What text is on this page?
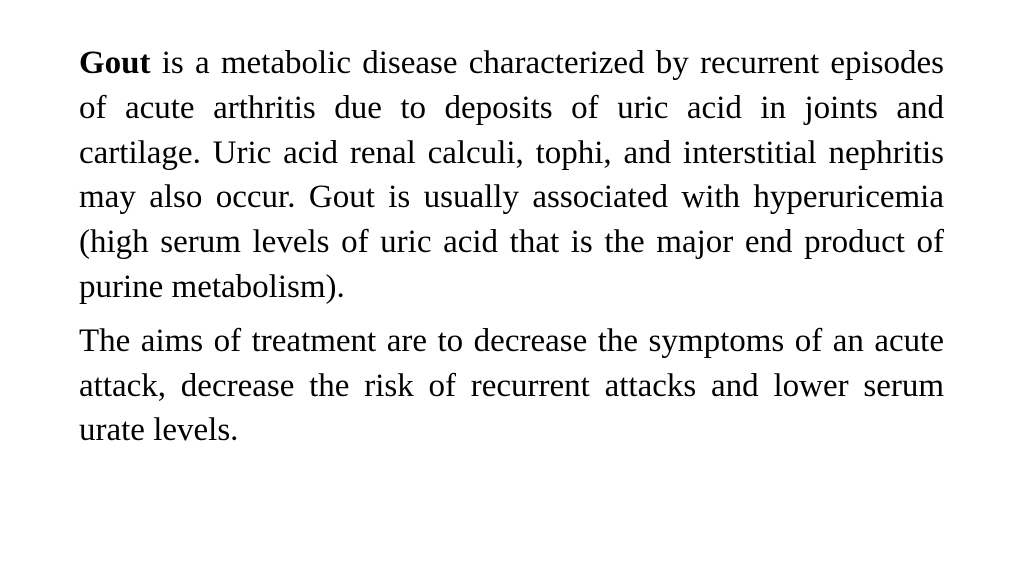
Gout is a metabolic disease characterized by recurrent episodes of acute arthritis due to deposits of uric acid in joints and cartilage. Uric acid renal calculi, tophi, and interstitial nephritis may also occur. Gout is usually associated with hyperuricemia (high serum levels of uric acid that is the major end product of purine metabolism).

The aims of treatment are to decrease the symptoms of an acute attack, decrease the risk of recurrent attacks and lower serum urate levels.
